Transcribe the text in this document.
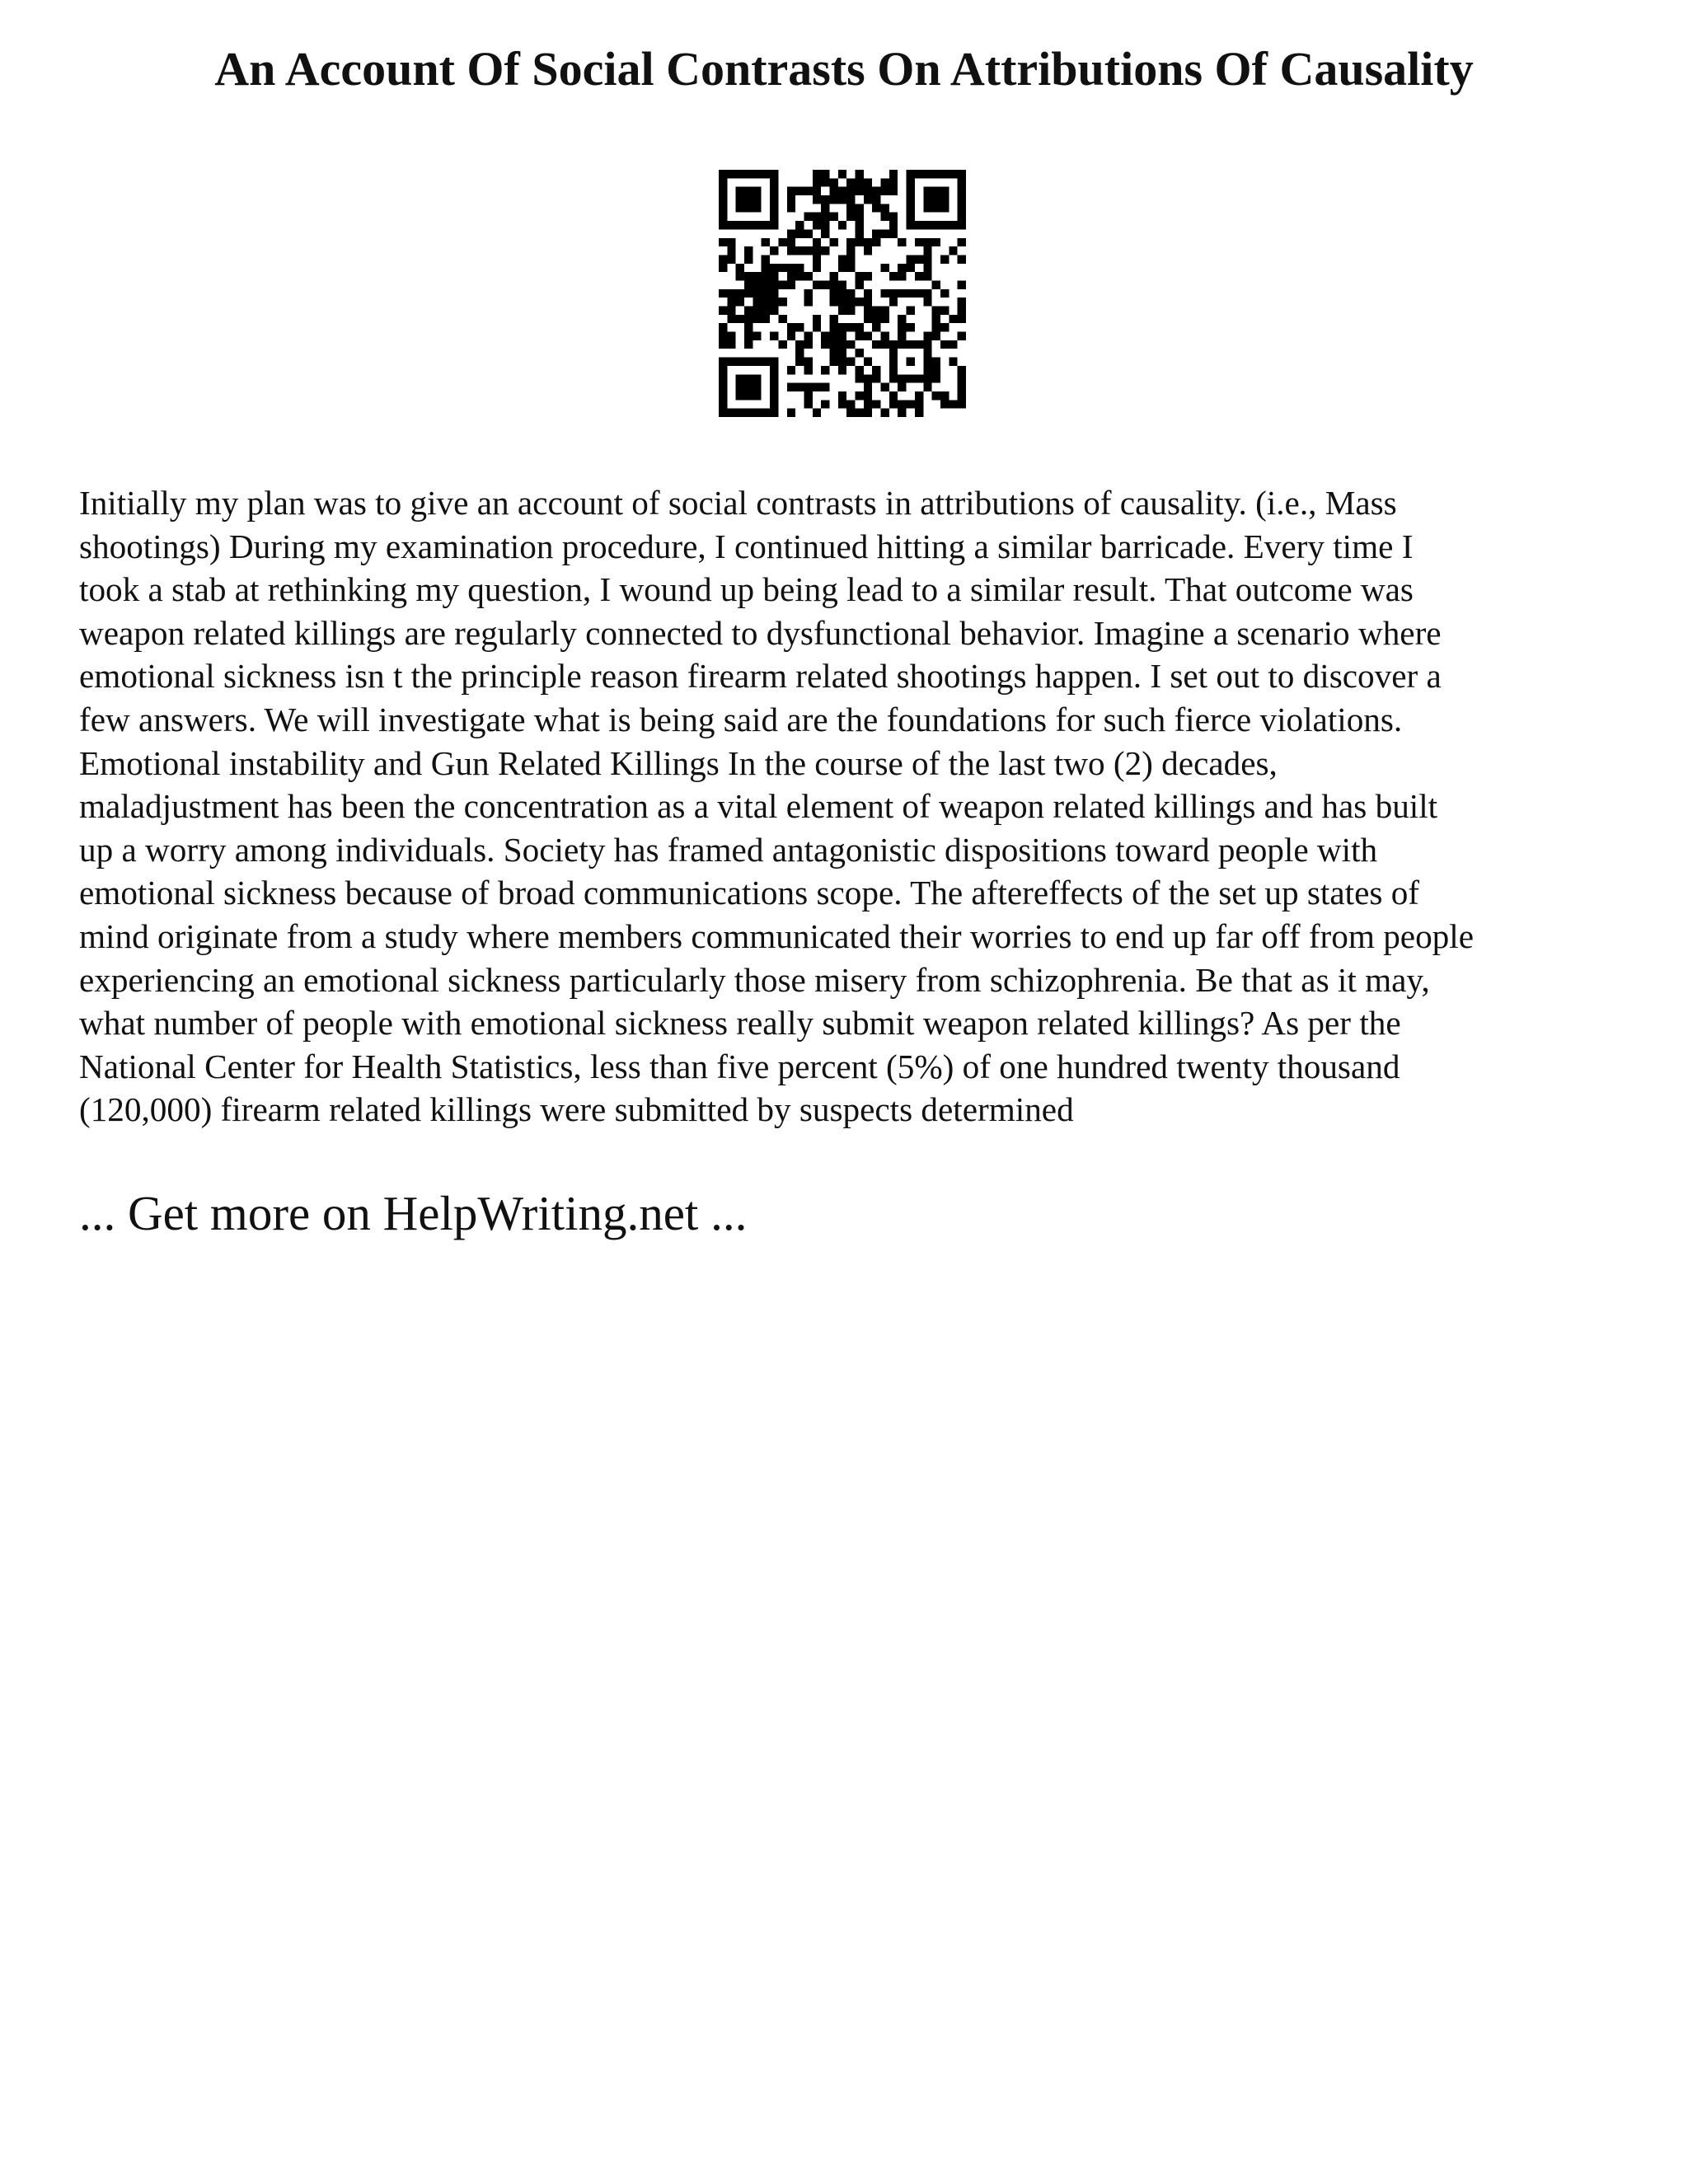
An Account Of Social Contrasts On Attributions Of Causality

Initially my plan was to give an account of social contrasts in attributions of causality. (i.e., Mass
shootings) During my examination procedure, I continued hitting a similar barricade. Every time I
took a stab at rethinking my question, I wound up being lead to a similar result. That outcome was
weapon related killings are regularly connected to dysfunctional behavior. Imagine a scenario where
emotional sickness isn t the principle reason firearm related shootings happen. I set out to discover a
few answers. We will investigate what is being said are the foundations for such fierce violations.
Emotional instability and Gun Related Killings In the course of the last two (2) decades,
maladjustment has been the concentration as a vital element of weapon related killings and has built
up a worry among individuals. Society has framed antagonistic dispositions toward people with
emotional sickness because of broad communications scope. The aftereffects of the set up states of
mind originate from a study where members communicated their worries to end up far off from people
experiencing an emotional sickness particularly those misery from schizophrenia. Be that as it may,
what number of people with emotional sickness really submit weapon related killings? As per the
National Center for Health Statistics, less than five percent (5%) of one hundred twenty thousand
(120,000) firearm related killings were submitted by suspects determined

... Get more on HelpWriting.net ...
